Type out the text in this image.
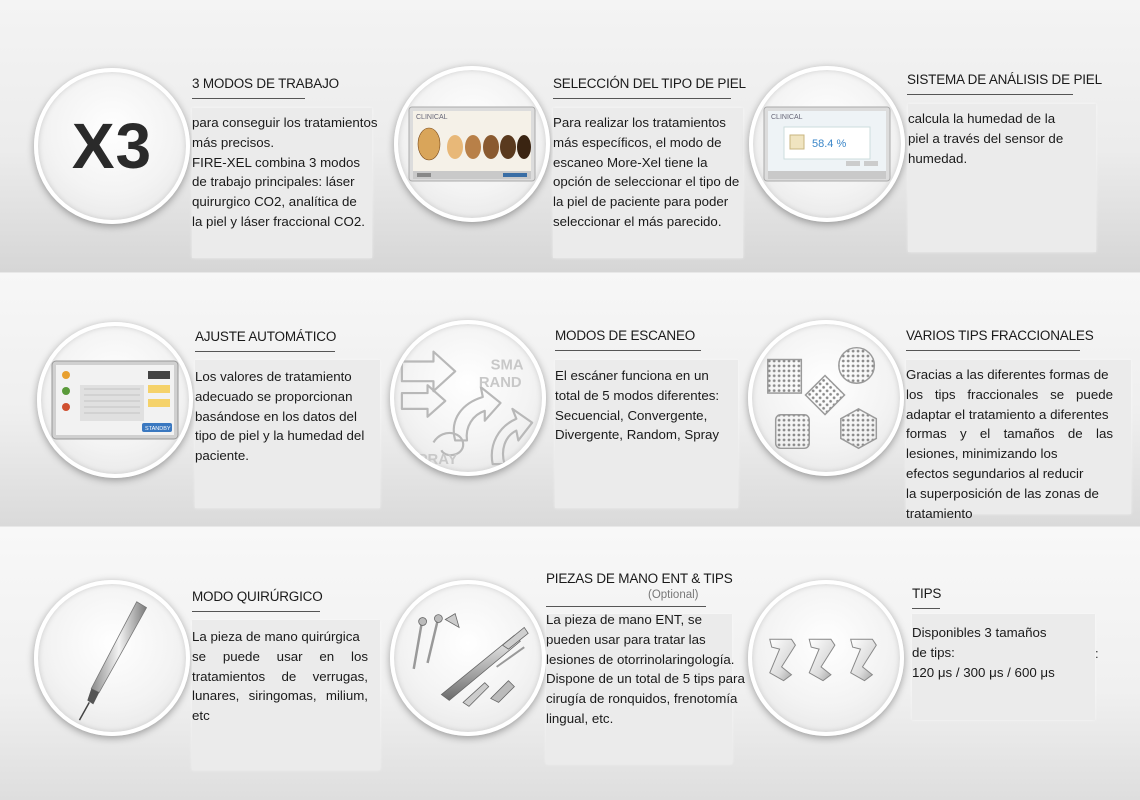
X3
3 MODOS DE TRABAJO

para conseguir los tratamientos

más precisos.

FIRE-XEL combina 3 modos

de trabajo principales: láser

quirurgico CO2, analítica de

la piel y láser fraccional CO2.

CLINICAL
SELECCIÓN DEL TIPO DE PIEL

Para realizar los tratamientos

más específicos, el modo de

escaneo More-Xel tiene la

opción de seleccionar el tipo de

la piel de paciente para poder

seleccionar el más parecido.

CLINICAL
58.4 %
SISTEMA DE ANÁLISIS DE PIEL

calcula la humedad de la

piel a través del sensor de

humedad.

STANDBY
AJUSTE AUTOMÁTICO

Los valores de tratamiento

adecuado se proporcionan

basándose en los datos del

tipo de piel y la humedad del

paciente.

SMA
RAND
SPRAY
MODOS DE ESCANEO

El escáner funciona en un

total de 5 modos diferentes:

Secuencial, Convergente,

Divergente, Random, Spray

VARIOS TIPS FRACCIONALES

Gracias a las diferentes formas de

los tips fraccionales se puede

adaptar el tratamiento a diferentes

formas y el tamaños de las

lesiones, minimizando los

efectos segundarios al reducir

la superposición de las zonas de

tratamiento

MODO QUIRÚRGICO

La pieza de mano quirúrgica

se puede usar en los

tratamientos de verrugas,

lunares, siringomas, milium,

etc

PIEZAS DE MANO ENT & TIPS
(Optional)

La pieza de mano ENT, se

pueden usar para tratar las

lesiones de otorrinolaringología.

Dispone de un total de 5 tips para

cirugía de ronquidos, frenotomía

lingual, etc.

TIPS

Disponibles 3 tamaños

de tips:

120 μs / 300 μs / 600 μs

:
